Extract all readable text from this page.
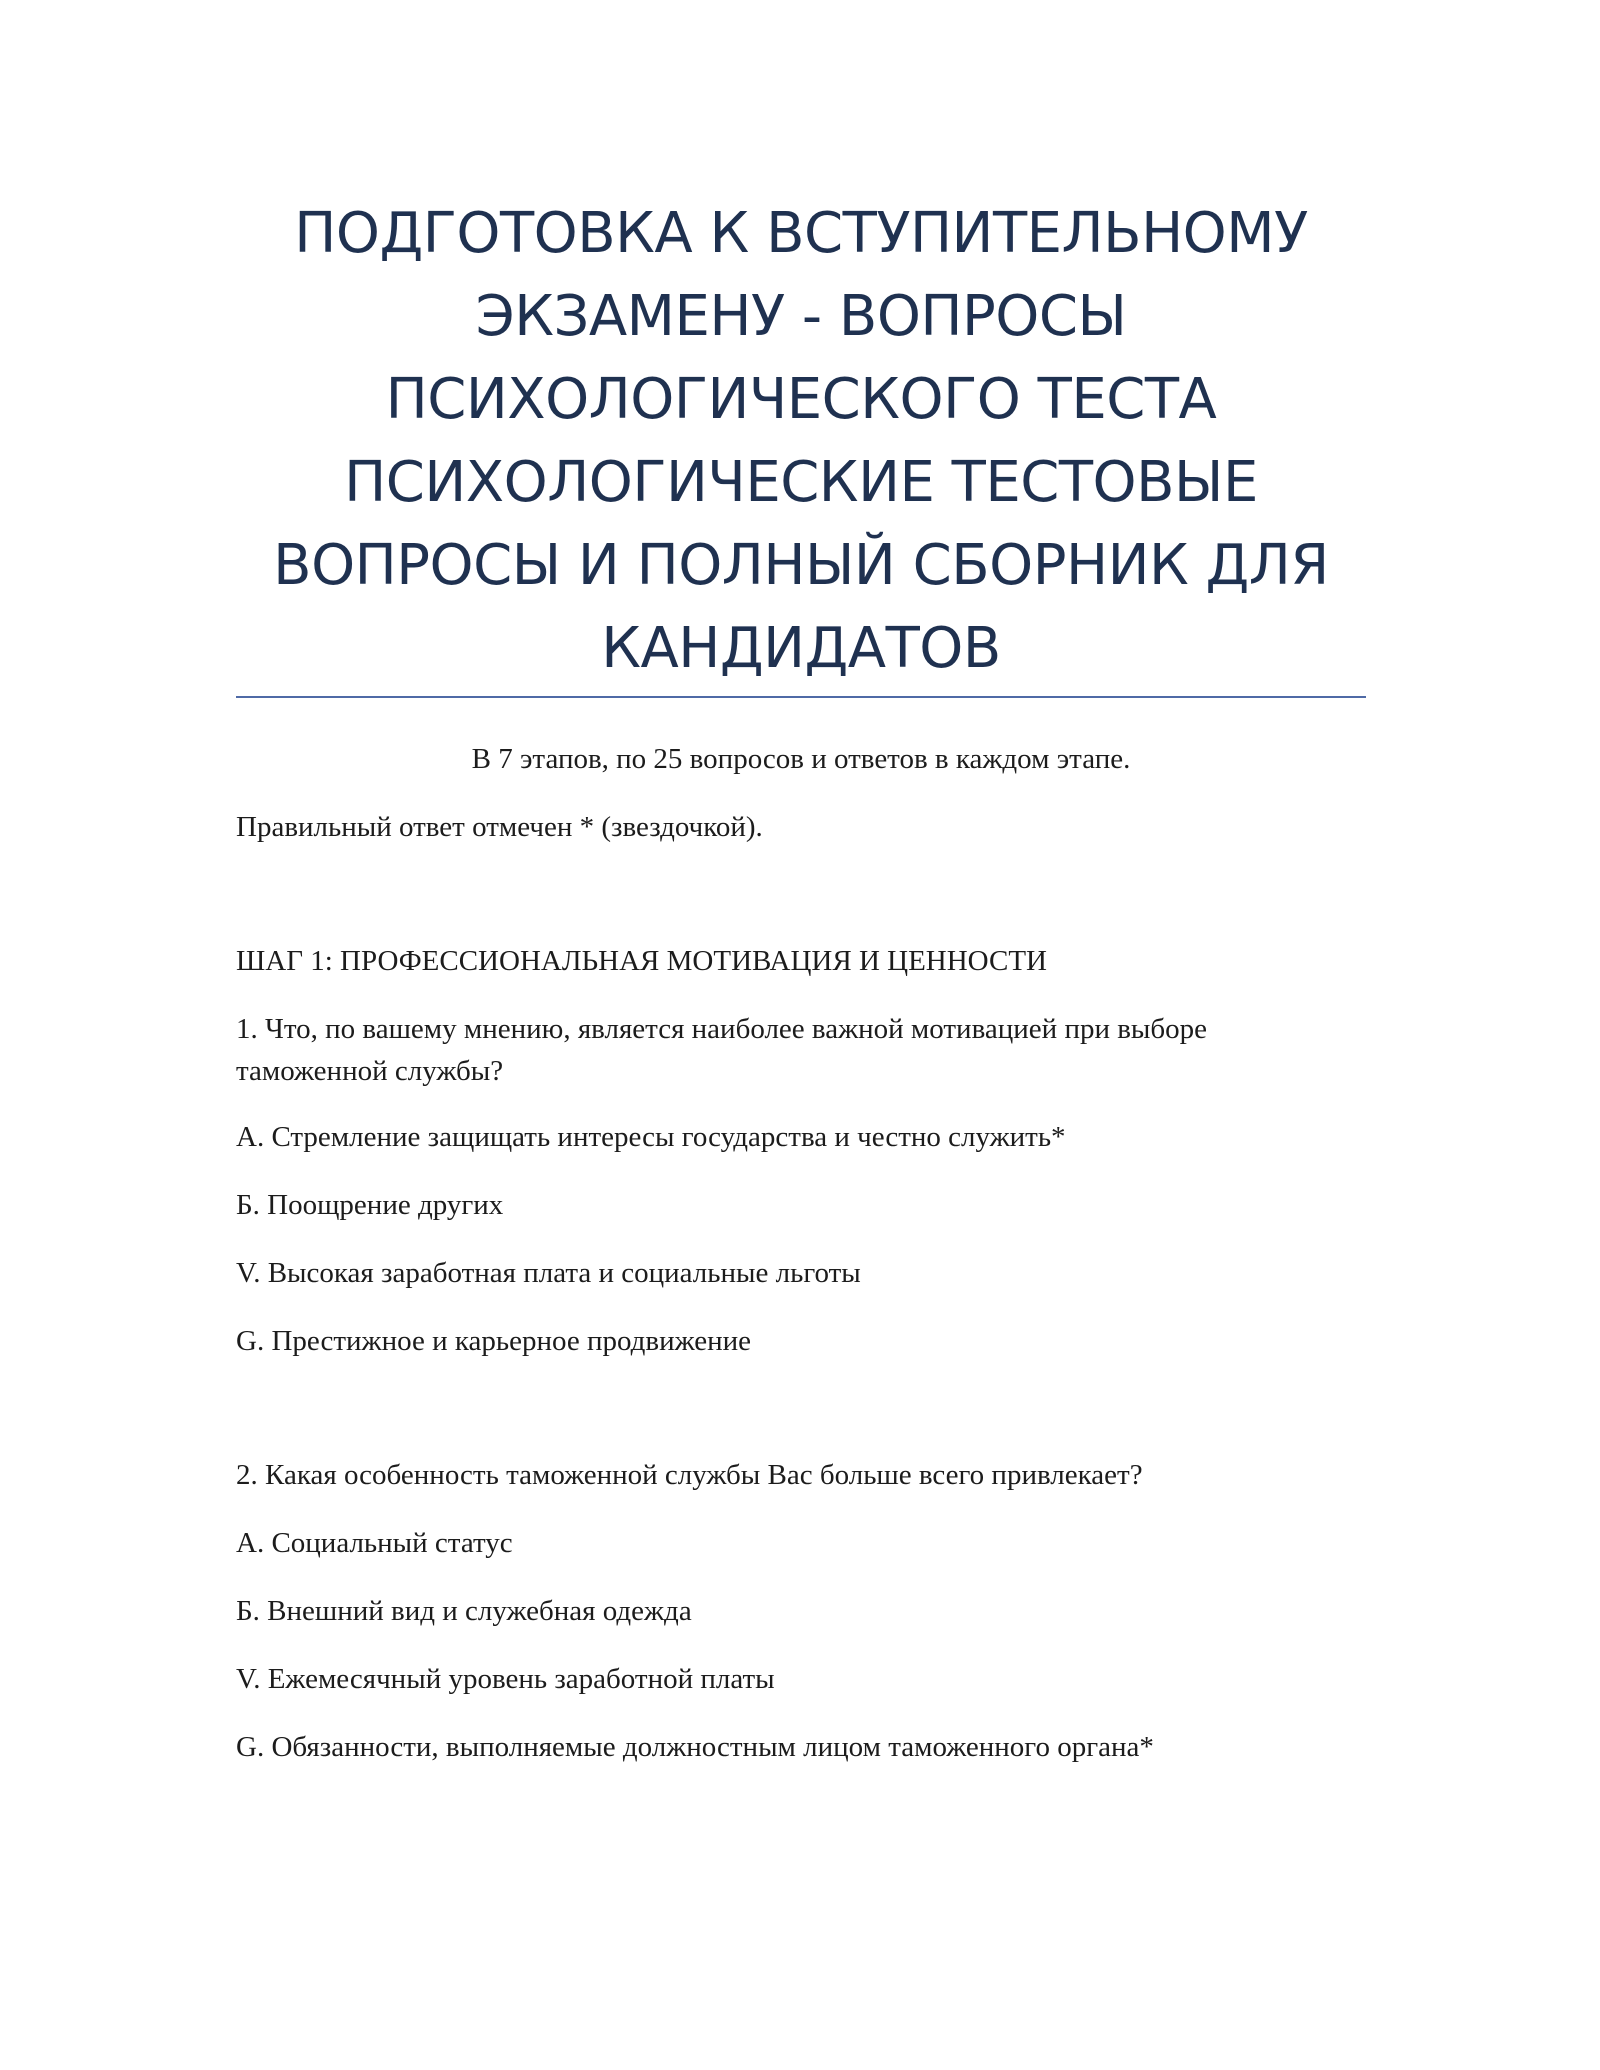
ПОДГОТОВКА К ВСТУПИТЕЛЬНОМУ
ЭКЗАМЕНУ - ВОПРОСЫ
ПСИХОЛОГИЧЕСКОГО ТЕСТА
ПСИХОЛОГИЧЕСКИЕ ТЕСТОВЫЕ
ВОПРОСЫ И ПОЛНЫЙ СБОРНИК ДЛЯ
КАНДИДАТОВ
В 7 этапов, по 25 вопросов и ответов в каждом этапе.
Правильный ответ отмечен * (звездочкой).
ШАГ 1: ПРОФЕССИОНАЛЬНАЯ МОТИВАЦИЯ И ЦЕННОСТИ
1. Что, по вашему мнению, является наиболее важной мотивацией при выборе
таможенной службы?
A. Стремление защищать интересы государства и честно служить*
Б. Поощрение других
V. Высокая заработная плата и социальные льготы
G. Престижное и карьерное продвижение
2. Какая особенность таможенной службы Вас больше всего привлекает?
А. Социальный статус
Б. Внешний вид и служебная одежда
V. Ежемесячный уровень заработной платы
G. Обязанности, выполняемые должностным лицом таможенного органа*
